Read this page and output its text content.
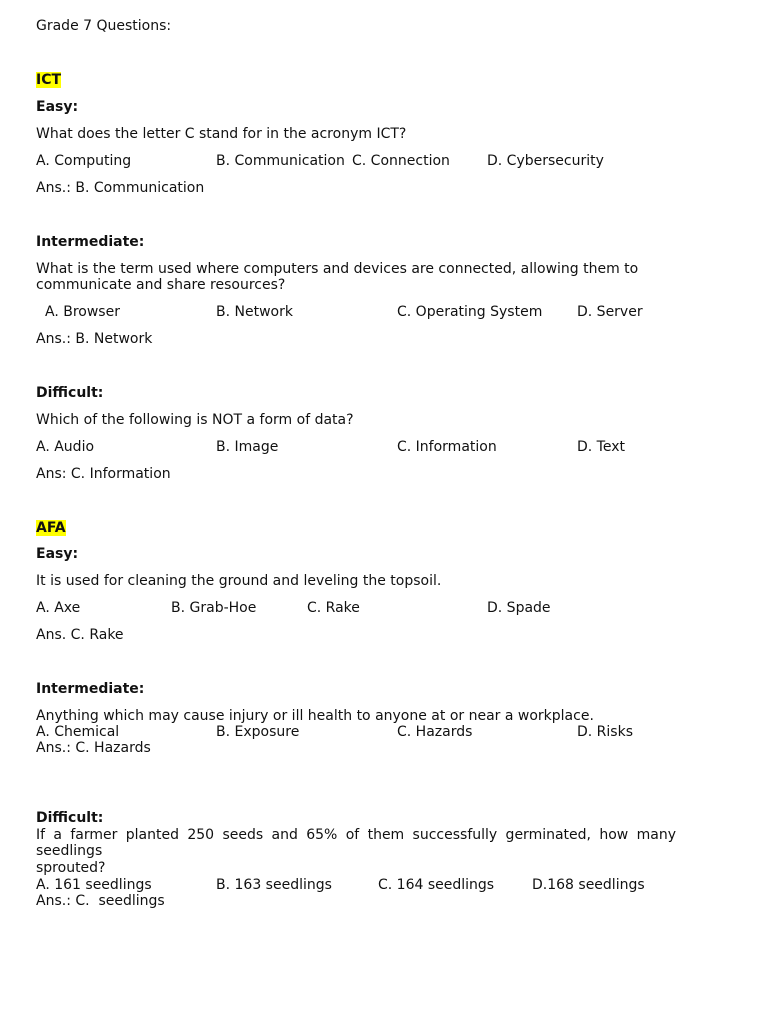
Grade 7 Questions:
ICT
Easy:
What does the letter C stand for in the acronym ICT?
A. Computing	B. Communication C. Connection	D. Cybersecurity
Ans.: B. Communication
Intermediate:
What is the term used where computers and devices are connected, allowing them to
communicate and share resources?
A. Browser	B. Network	C. Operating System D. Server
Ans.: B. Network
Difficult:
Which of the following is NOT a form of data?
A. Audio	B. Image	C. Information	D. Text
Ans: C. Information
AFA
Easy:
It is used for cleaning the ground and leveling the topsoil.
A. Axe	B. Grab-Hoe	C. Rake	D. Spade
Ans. C. Rake
Intermediate:
Anything which may cause injury or ill health to anyone at or near a workplace.
A. Chemical	B. Exposure	C. Hazards	D. Risks
Ans.: C. Hazards
Difficult:
If a farmer planted 250 seeds and 65% of them successfully germinated, how many
seedlings
sprouted?
A. 161 seedlings	B. 163 seedlings	C. 164 seedlings	D.168 seedlings
Ans.: C.  seedlings
